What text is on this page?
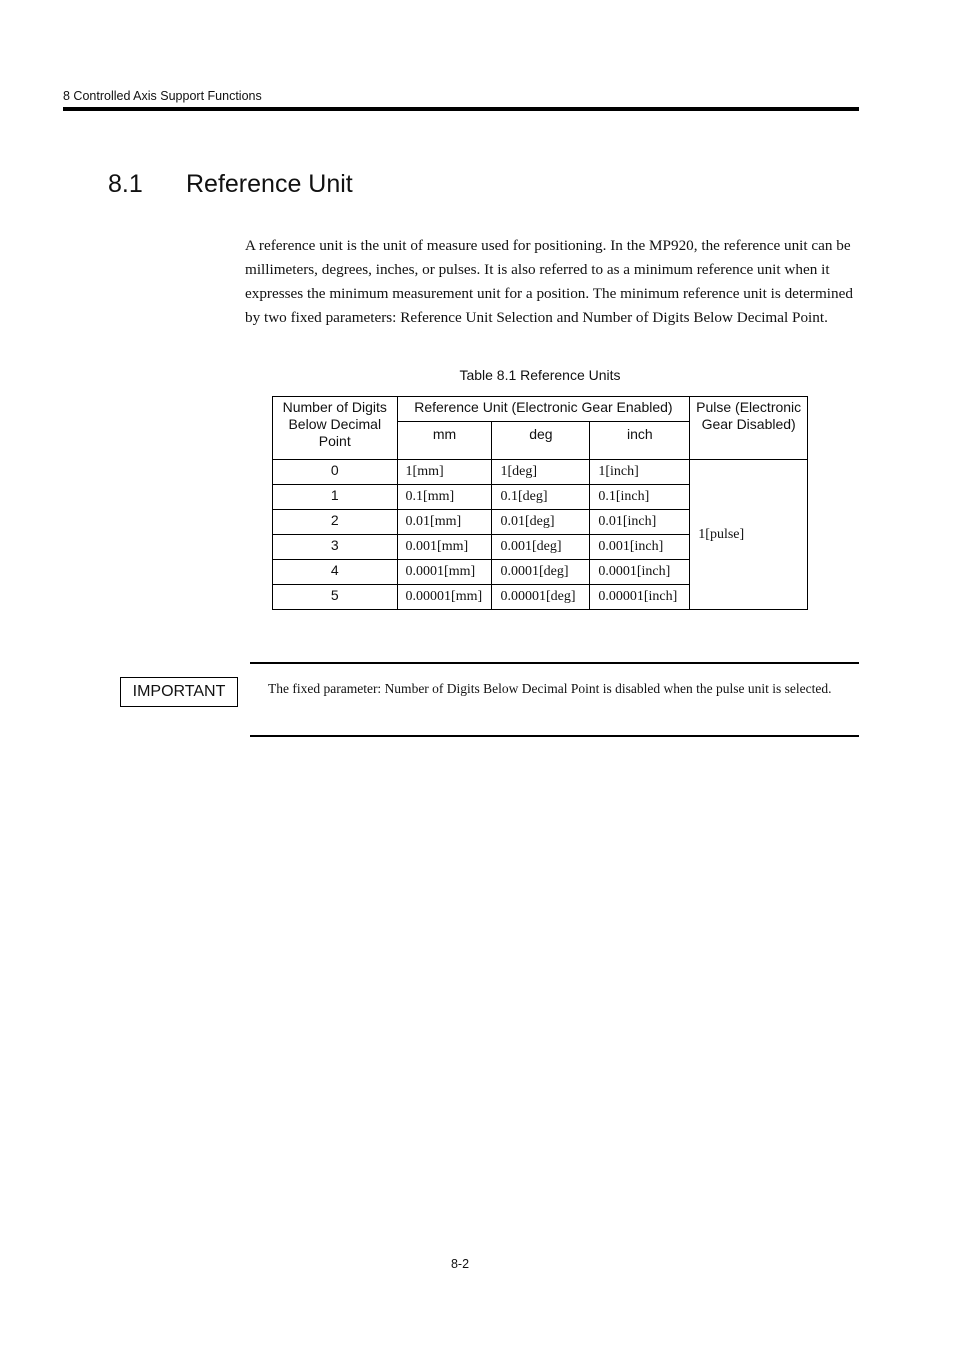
8 Controlled Axis Support Functions
8.1 Reference Unit

A reference unit is the unit of measure used for positioning. In the MP920, the reference unit can be millimeters, degrees, inches, or pulses. It is also referred to as a minimum reference unit when it expresses the minimum measurement unit for a position. The minimum reference unit is determined by two fixed parameters: Reference Unit Selection and Number of Digits Below Decimal Point.

Table 8.1 Reference Units
Number of Digits Below Decimal Point	Reference Unit (Electronic Gear Enabled)			Pulse (Electronic Gear Disabled)
	mm	deg	inch	
0	1[mm]	1[deg]	1[inch]	1[pulse]
1	0.1[mm]	0.1[deg]	0.1[inch]	
2	0.01[mm]	0.01[deg]	0.01[inch]	
3	0.001[mm]	0.001[deg]	0.001[inch]	
4	0.0001[mm]	0.0001[deg]	0.0001[inch]	
5	0.00001[mm]	0.00001[deg]	0.00001[inch]	
IMPORTANT	The fixed parameter: Number of Digits Below Decimal Point is disabled when the pulse unit is selected.

8-2
